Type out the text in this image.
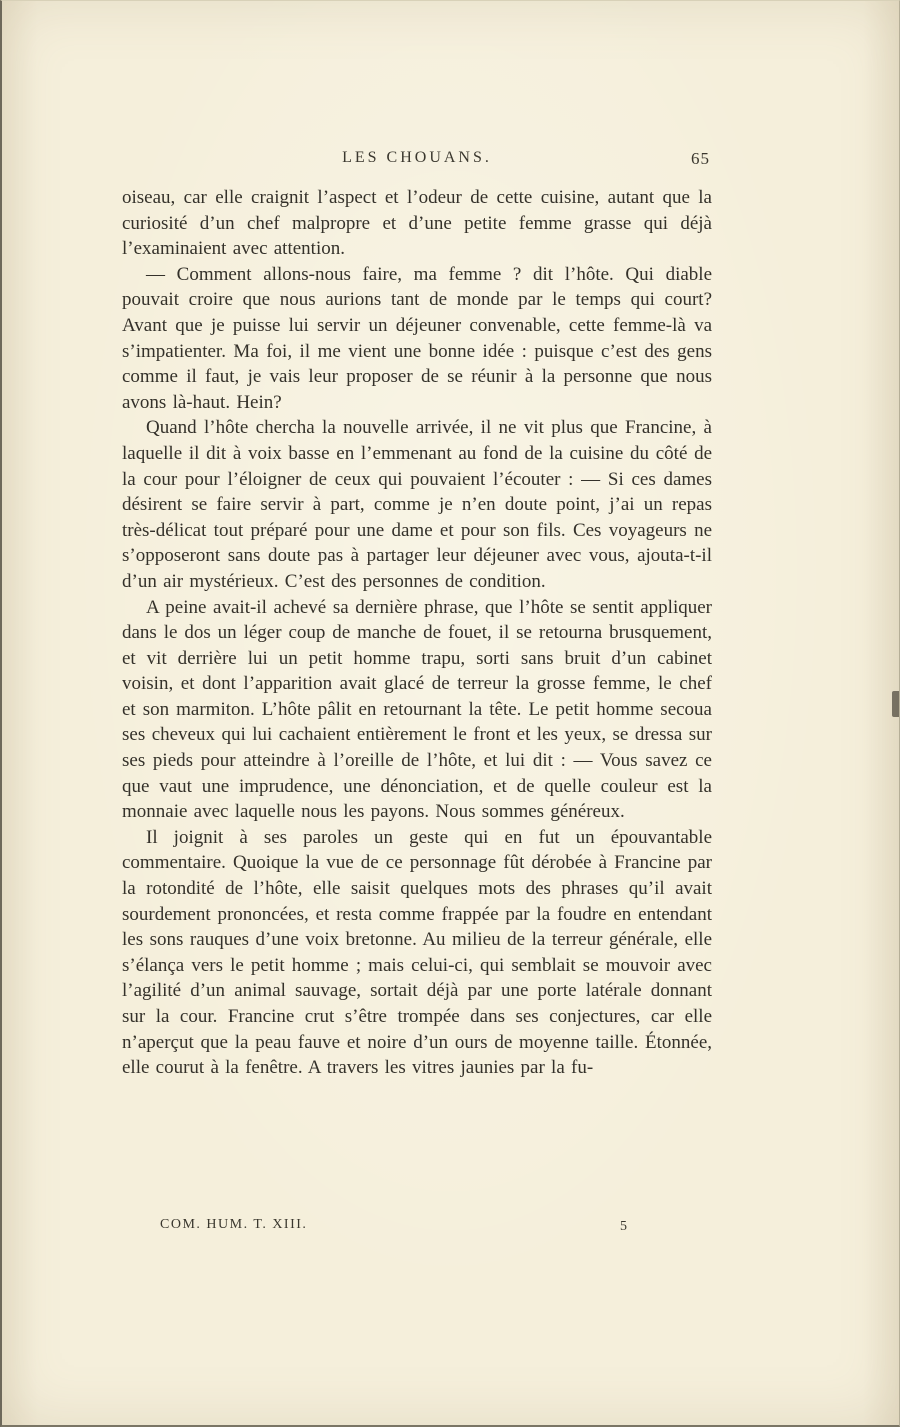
LES CHOUANS.	65

oiseau, car elle craignit l’aspect et l’odeur de cette cuisine, autant que la curiosité d’un chef malpropre et d’une petite femme grasse qui déjà l’examinaient avec attention.

— Comment allons-nous faire, ma femme ? dit l’hôte. Qui diable pouvait croire que nous aurions tant de monde par le temps qui court? Avant que je puisse lui servir un déjeuner convenable, cette femme-là va s’impatienter. Ma foi, il me vient une bonne idée : puisque c’est des gens comme il faut, je vais leur proposer de se réunir à la personne que nous avons là-haut. Hein?

Quand l’hôte chercha la nouvelle arrivée, il ne vit plus que Francine, à laquelle il dit à voix basse en l’emmenant au fond de la cuisine du côté de la cour pour l’éloigner de ceux qui pouvaient l’écouter : — Si ces dames désirent se faire servir à part, comme je n’en doute point, j’ai un repas très-délicat tout préparé pour une dame et pour son fils. Ces voyageurs ne s’opposeront sans doute pas à partager leur déjeuner avec vous, ajouta-t-il d’un air mystérieux. C’est des personnes de condition.

A peine avait-il achevé sa dernière phrase, que l’hôte se sentit appliquer dans le dos un léger coup de manche de fouet, il se retourna brusquement, et vit derrière lui un petit homme trapu, sorti sans bruit d’un cabinet voisin, et dont l’apparition avait glacé de terreur la grosse femme, le chef et son marmiton. L’hôte pâlit en retournant la tête. Le petit homme secoua ses cheveux qui lui cachaient entièrement le front et les yeux, se dressa sur ses pieds pour atteindre à l’oreille de l’hôte, et lui dit : — Vous savez ce que vaut une imprudence, une dénonciation, et de quelle couleur est la monnaie avec laquelle nous les payons. Nous sommes généreux.

Il joignit à ses paroles un geste qui en fut un épouvantable commentaire. Quoique la vue de ce personnage fût dérobée à Francine par la rotondité de l’hôte, elle saisit quelques mots des phrases qu’il avait sourdement prononcées, et resta comme frappée par la foudre en entendant les sons rauques d’une voix bretonne. Au milieu de la terreur générale, elle s’élança vers le petit homme ; mais celui-ci, qui semblait se mouvoir avec l’agilité d’un animal sauvage, sortait déjà par une porte latérale donnant sur la cour. Francine crut s’être trompée dans ses conjectures, car elle n’aperçut que la peau fauve et noire d’un ours de moyenne taille. Étonnée, elle courut à la fenêtre. A travers les vitres jaunies par la fu-

COM. HUM. T. XIII.	5
